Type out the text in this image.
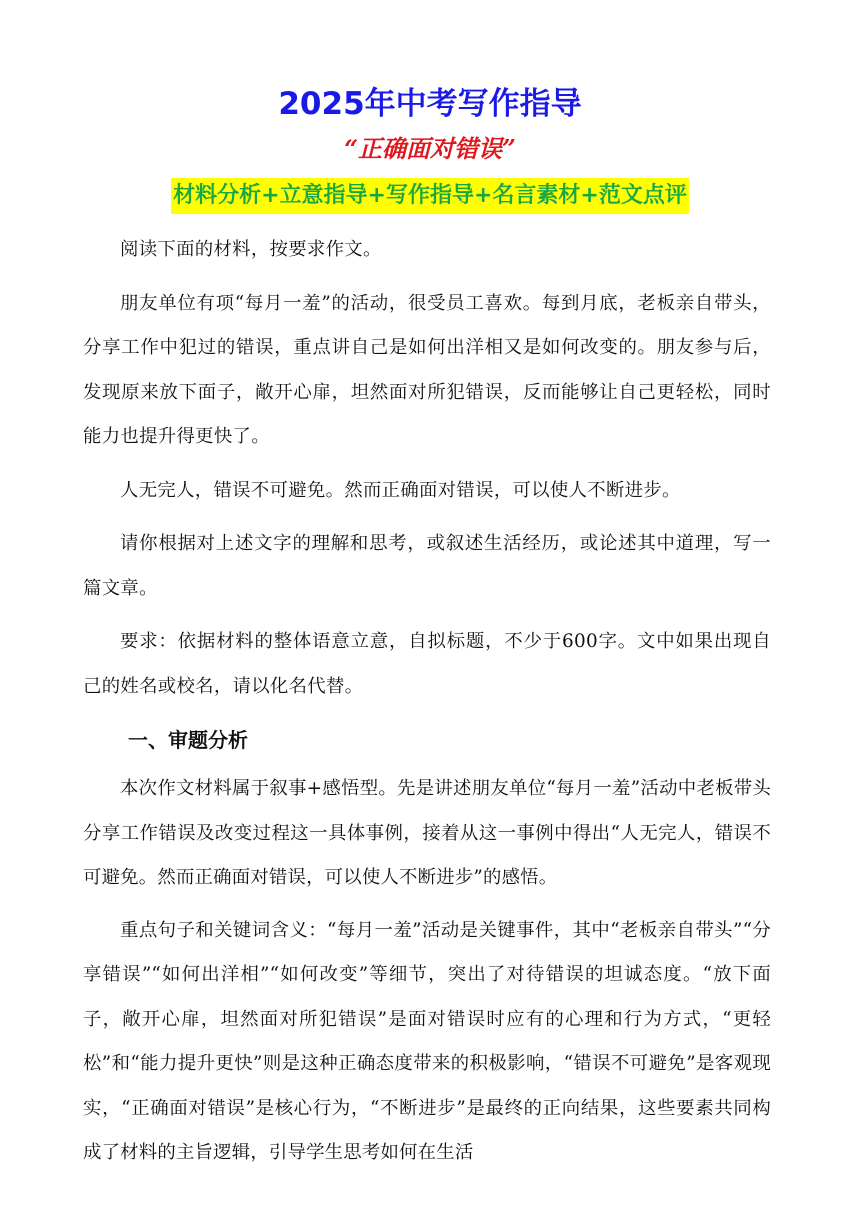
2025年中考写作指导
“正确面对错误”
材料分析+立意指导+写作指导+名言素材+范文点评

阅读下面的材料，按要求作文。

朋友单位有项“每月一羞”的活动，很受员工喜欢。每到月底，老板亲自带头，分享工作中犯过的错误，重点讲自己是如何出洋相又是如何改变的。朋友参与后，发现原来放下面子，敞开心扉，坦然面对所犯错误，反而能够让自己更轻松，同时能力也提升得更快了。

人无完人，错误不可避免。然而正确面对错误，可以使人不断进步。

请你根据对上述文字的理解和思考，或叙述生活经历，或论述其中道理，写一篇文章。

要求：依据材料的整体语意立意，自拟标题，不少于600字。文中如果出现自己的姓名或校名，请以化名代替。

一、审题分析

本次作文材料属于叙事+感悟型。先是讲述朋友单位“每月一羞”活动中老板带头分享工作错误及改变过程这一具体事例，接着从这一事例中得出“人无完人，错误不可避免。然而正确面对错误，可以使人不断进步”的感悟。

重点句子和关键词含义：“每月一羞”活动是关键事件，其中“老板亲自带头”“分享错误”“如何出洋相”“如何改变”等细节，突出了对待错误的坦诚态度。“放下面子，敞开心扉，坦然面对所犯错误”是面对错误时应有的心理和行为方式，“更轻松”和“能力提升更快”则是这种正确态度带来的积极影响，“错误不可避免”是客观现实，“正确面对错误”是核心行为，“不断进步”是最终的正向结果，这些要素共同构成了材料的主旨逻辑，引导学生思考如何在生活
